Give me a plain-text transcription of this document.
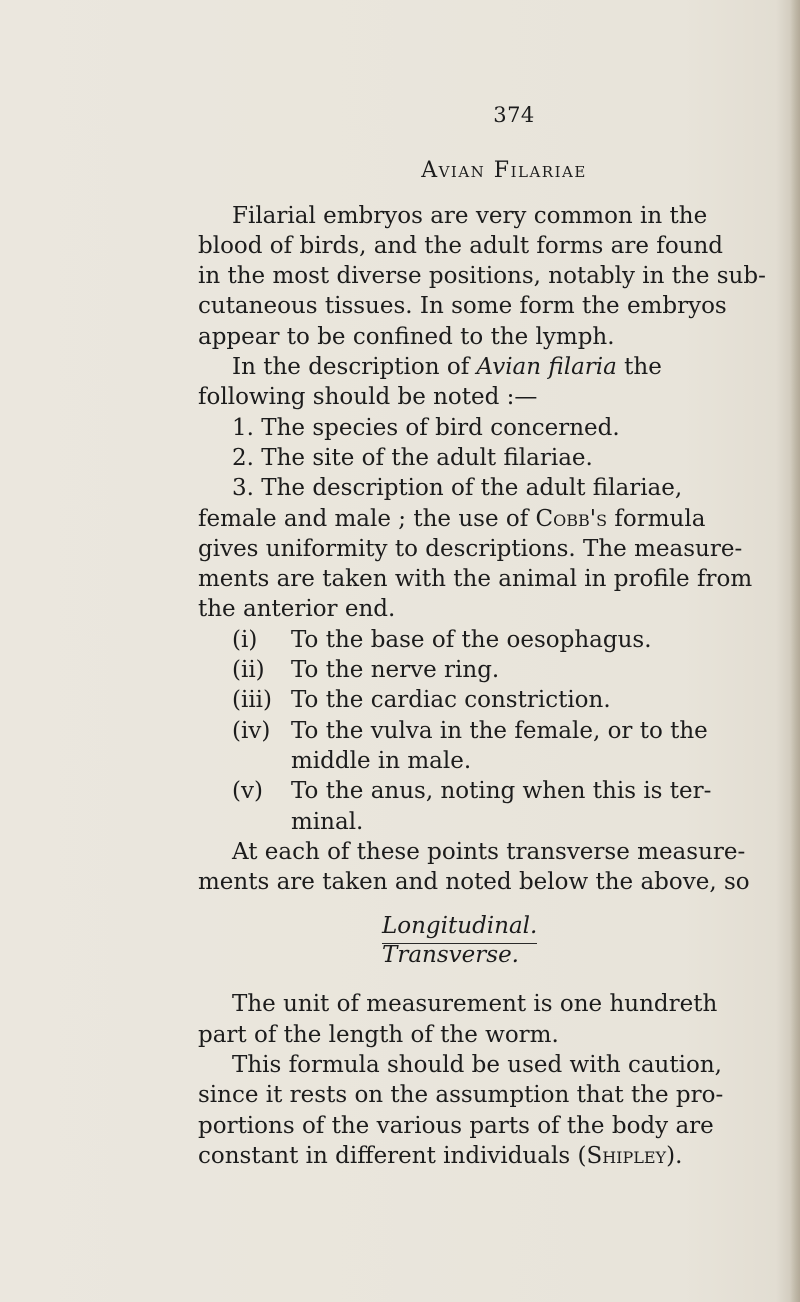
374
Avian Filariae
Filarial embryos are very common in the
blood of birds, and the adult forms are found
in the most diverse positions, notably in the sub-
cutaneous tissues. In some form the embryos
appear to be confined to the lymph.
In the description of Avian filaria the
following should be noted :—
1. The species of bird concerned.
2. The site of the adult filariae.
3. The description of the adult filariae,
female and male ; the use of Cobb's formula
gives uniformity to descriptions. The measure-
ments are taken with the animal in profile from
the anterior end.
(i)	To the base of the oesophagus.
(ii)	To the nerve ring.
(iii) To the cardiac constriction.
(iv) To the vulva in the female, or to the
middle in male.
(v)	To the anus, noting when this is ter-
minal.
At each of these points transverse measure-
ments are taken and noted below the above, so
Longitudinal.
Transverse.
The unit of measurement is one hundreth
part of the length of the worm.
This formula should be used with caution,
since it rests on the assumption that the pro-
portions of the various parts of the body are
constant in different individuals (Shipley).
